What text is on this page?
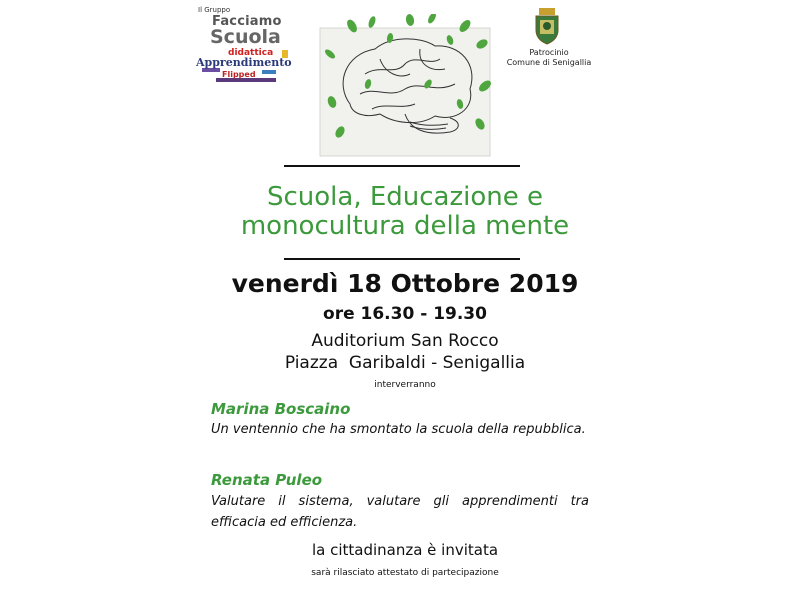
Il Gruppo
Facciamo
Scuola
didattica
Apprendimento
Flipped
Patrocinio
Comune di Senigallia
Scuola, Educazione e
monocultura della mente
venerdì 18 Ottobre 2019
ore 16.30 - 19.30
Auditorium San Rocco
Piazza  Garibaldi - Senigallia
interverranno
Marina Boscaino
Un ventennio che ha smontato la scuola della repubblica.
Renata Puleo
Valutare il sistema, valutare gli apprendimenti tra efficacia ed efficienza.
la cittadinanza è invitata
sarà rilasciato attestato di partecipazione
